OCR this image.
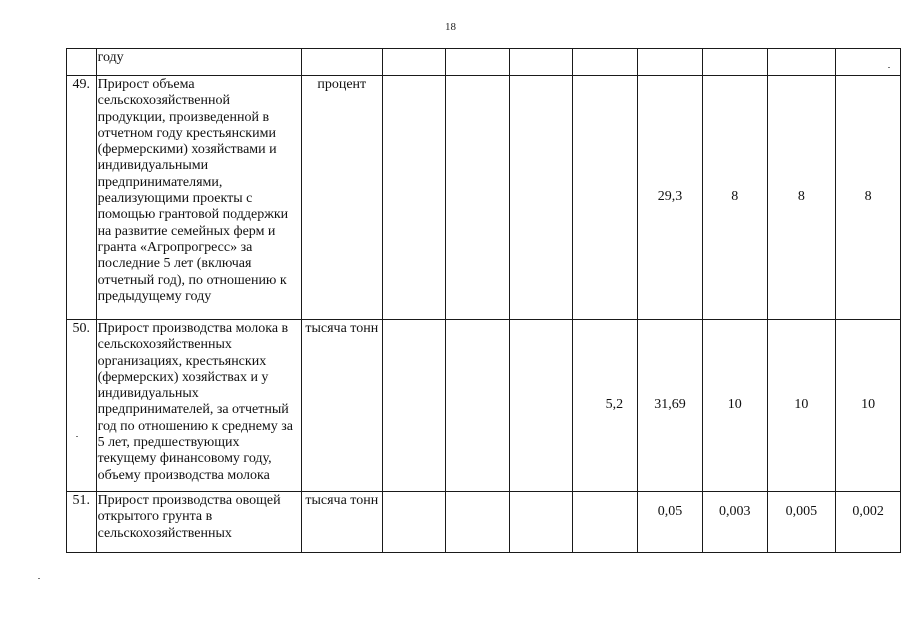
18
	году									
49.	Прирост объема сельскохозяйственной продукции, произведенной в отчетном году крестьянскими (фермерскими) хозяйствами и индивидуальными предпринимателями, реализующими проекты с помощью грантовой поддержки на развитие семейных ферм и гранта «Агропрогресс» за последние 5 лет (включая отчетный год), по отношению к предыдущему году	процент					29,3	8	8	8
50.	Прирост производства молока в сельскохозяйственных организациях, крестьянских (фермерских) хозяйствах и у индивидуальных предпринимателей, за отчетный год по отношению к среднему за 5 лет, предшествующих текущему финансовому году, объему производства молока	тысяча тонн				5,2	31,69	10	10	10
51.	Прирост производства овощей открытого грунта в сельскохозяйственных	тысяча тонн					0,05	0,003	0,005	0,002
